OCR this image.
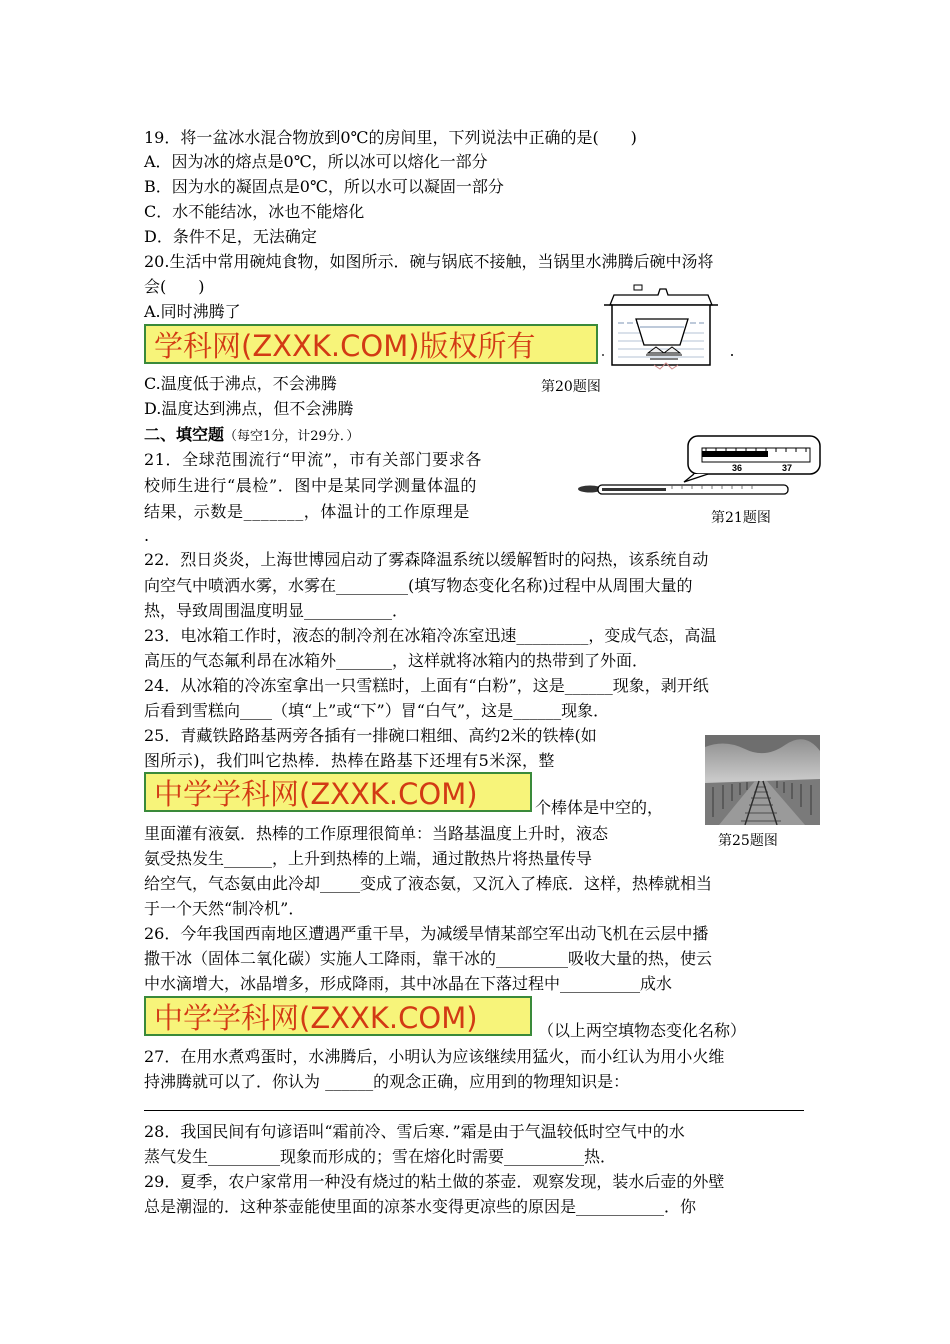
19．将一盆冰水混合物放到0℃的房间里，下列说法中正确的是(　　)
A．因为冰的熔点是0℃，所以冰可以熔化一部分
B．因为水的凝固点是0℃，所以水可以凝固一部分
C．水不能结冰，冰也不能熔化
D．条件不足，无法确定
20.生活中常用碗炖食物，如图所示．碗与锅底不接触，当锅里水沸腾后碗中汤将
会(　　)
A.同时沸腾了
C.温度低于沸点，不会沸腾
D.温度达到沸点，但不会沸腾
二、填空题（每空1分，计29分．）
21．全球范围流行“甲流”，市有关部门要求各
校师生进行“晨检”．图中是某同学测量体温的
结果，示数是_______，体温计的工作原理是
.
22．烈日炎炎，上海世博园启动了雾森降温系统以缓解暂时的闷热，该系统自动
向空气中喷洒水雾，水雾在_________(填写物态变化名称)过程中从周围大量的
热，导致周围温度明显___________．
23．电冰箱工作时，液态的制冷剂在冰箱冷冻室迅速_________，变成气态，高温
高压的气态氟利昂在冰箱外_______，这样就将冰箱内的热带到了外面．
24．从冰箱的冷冻室拿出一只雪糕时，上面有“白粉”，这是______现象，剥开纸
后看到雪糕向____（填“上”或“下”）冒“白气”，这是______现象．
25．青藏铁路路基两旁各插有一排碗口粗细、高约2米的铁棒(如
图所示)，我们叫它热棒．热棒在路基下还埋有5米深，整
个棒体是中空的，
里面灌有液氨．热棒的工作原理很简单：当路基温度上升时，液态
氨受热发生______，上升到热棒的上端，通过散热片将热量传导
给空气，气态氨由此冷却_____变成了液态氨，又沉入了棒底．这样，热棒就相当
于一个天然“制冷机”．
26．今年我国西南地区遭遇严重干旱，为减缓旱情某部空军出动飞机在云层中播
撒干冰（固体二氧化碳）实施人工降雨，靠干冰的_________吸收大量的热，使云
中水滴增大，冰晶增多，形成降雨，其中冰晶在下落过程中__________成水
（以上两空填物态变化名称）
27．在用水煮鸡蛋时，水沸腾后，小明认为应该继续用猛火，而小红认为用小火维
持沸腾就可以了．你认为 ______的观念正确，应用到的物理知识是：
28．我国民间有句谚语叫“霜前冷、雪后寒．”霜是由于气温较低时空气中的水
蒸气发生_________现象而形成的；雪在熔化时需要__________热．
29．夏季，农户家常用一种没有烧过的粘土做的茶壶．观察发现，装水后壶的外壁
总是潮湿的．这种茶壶能使里面的凉茶水变得更凉些的原因是___________．你
学科网(ZXXK.COM)版权所有
中学学科网(ZXXK.COM)
中学学科网(ZXXK.COM)
第20题图
36	37
第21题图
第25题图
